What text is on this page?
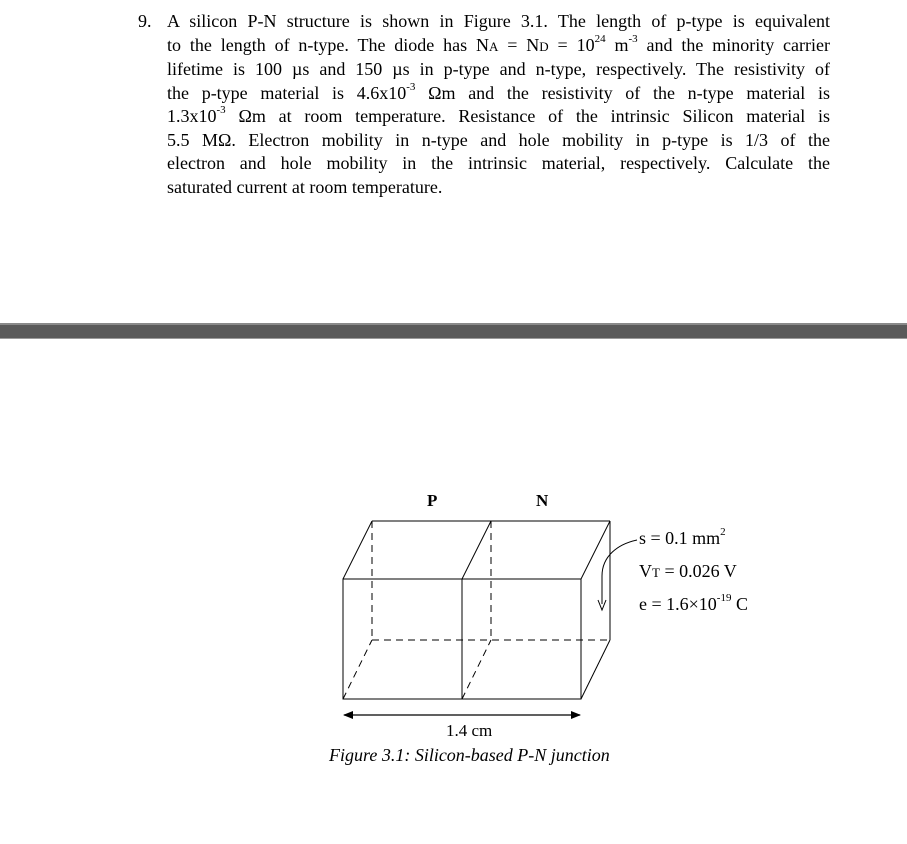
9. A silicon P-N structure is shown in Figure 3.1. The length of p-type is equivalent
to the length of n-type. The diode has NA = ND = $10^{24}$ $m^{-3}$ and the minority carrier
lifetime is 100 µs and 150 µs in p-type and n-type, respectively. The resistivity of
the p-type material is $4.6x10^{-3}$ Ωm and the resistivity of the n-type material is
$1.3x10^{-3}$ Ωm at room temperature. Resistance of the intrinsic Silicon material is
5.5 MΩ. Electron mobility in n-type and hole mobility in p-type is 1/3 of the
electron and hole mobility in the intrinsic material, respectively. Calculate the
saturated current at room temperature.
P	N
s = 0.1 $mm^2$
VT = 0.026 V
$e = 1.6\times 10^{-19}$ C
1.4 cm
Figure 3.1: Silicon-based P-N junction
